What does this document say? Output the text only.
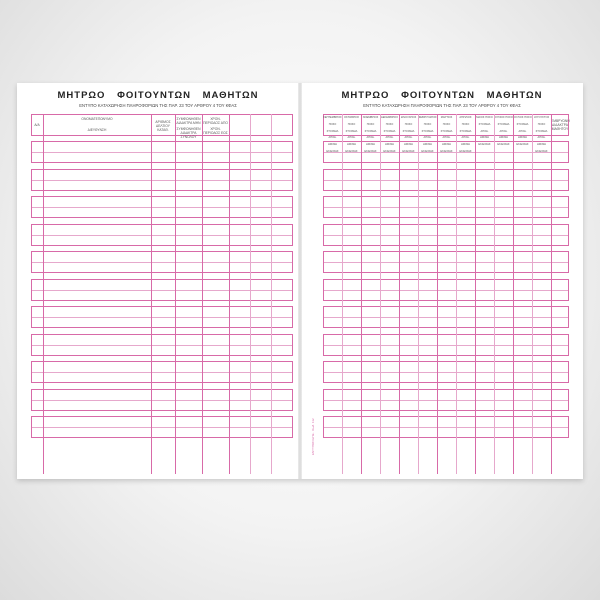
ΜΗΤΡΩΟ ΦΟΙΤΟΥΝΤΩΝ ΜΑΘΗΤΩΝ
ΕΝΤΥΠΟ ΚΑΤΑΧΩΡΗΣΗ ΠΛΗΡΟΦΟΡΙΩΝ ΤΗΣ ΠΑΡ. 23 ΤΟΥ ΑΡΘΡΟΥ 4 ΤΟΥ ΚΦΑΣ
Α/Α
ΟΝΟΜΑΤΕΠΩΝΥΜΟ
ΔΙΕΥΘΥΝΣΗ
ΑΡΙΘΜΟΣ ΔΕΛΤΙΟΥ ΚΑΤΑΘ.
ΣΥΜΦΩΝΗΘΕΝ ΔΙΔΑΚΤΡΑ ΜΗΝ
ΣΥΜΦΩΝΗΘΕΝ ΔΙΔΑΚΤΡΑ ΣΥΝΟΛΟΥ
ΧΡΟΝ. ΠΕΡΙΟΔΟΣ ΑΠΟ
ΧΡΟΝ. ΠΕΡΙΟΔΟΣ ΕΩΣ
ΜΗΤΡΩΟ ΦΟΙΤΟΥΝΤΩΝ ΜΑΘΗΤΩΝ
ΕΝΤΥΠΟ ΚΑΤΑΧΩΡΗΣΗ ΠΛΗΡΟΦΟΡΙΩΝ ΤΗΣ ΠΑΡ. 23 ΤΟΥ ΑΡΘΡΟΥ 4 ΤΟΥ ΚΦΑΣ
ΕΝΤΥΠΩΝ ΕΠΕ · Κωδ. 112
ΣΕΠΤΕΜΒΡΙΟΣ ΠΟΣΟ
ΣΤΟΙΧΕΙΑ ΑΠΟΔ.
ΗΜ/ΝΙΑ ΕΚΔΟΣΗΣ
ΟΚΤΩΒΡΙΟΣ ΠΟΣΟ
ΣΤΟΙΧΕΙΑ ΑΠΟΔ.
ΗΜ/ΝΙΑ ΕΚΔΟΣΗΣ
ΝΟΕΜΒΡΙΟΣ ΠΟΣΟ
ΣΤΟΙΧΕΙΑ ΑΠΟΔ.
ΗΜ/ΝΙΑ ΕΚΔΟΣΗΣ
ΔΕΚΕΜΒΡΙΟΣ ΠΟΣΟ
ΣΤΟΙΧΕΙΑ ΑΠΟΔ.
ΗΜ/ΝΙΑ ΕΚΔΟΣΗΣ
ΙΑΝΟΥΑΡΙΟΣ ΠΟΣΟ
ΣΤΟΙΧΕΙΑ ΑΠΟΔ.
ΗΜ/ΝΙΑ ΕΚΔΟΣΗΣ
ΦΕΒΡΟΥΑΡΙΟΣ ΠΟΣΟ
ΣΤΟΙΧΕΙΑ ΑΠΟΔ.
ΗΜ/ΝΙΑ ΕΚΔΟΣΗΣ
ΜΑΡΤΙΟΣ ΠΟΣΟ
ΣΤΟΙΧΕΙΑ ΑΠΟΔ.
ΗΜ/ΝΙΑ ΕΚΔΟΣΗΣ
ΑΠΡΙΛΙΟΣ ΠΟΣΟ
ΣΤΟΙΧΕΙΑ ΑΠΟΔ.
ΗΜ/ΝΙΑ ΕΚΔΟΣΗΣ
ΜΑΙΟΣ ΠΟΣΟ
ΣΤΟΙΧΕΙΑ ΑΠΟΔ.
ΗΜ/ΝΙΑ ΕΚΔΟΣΗΣ
ΙΟΥΝΙΟΣ ΠΟΣΟ
ΣΤΟΙΧΕΙΑ ΑΠΟΔ.
ΗΜ/ΝΙΑ ΕΚΔΟΣΗΣ
ΙΟΥΛΙΟΣ ΠΟΣΟ
ΣΤΟΙΧΕΙΑ ΑΠΟΔ.
ΗΜ/ΝΙΑ ΕΚΔΟΣΗΣ
ΑΥΓΟΥΣΤΟΣ ΠΟΣΟ
ΣΤΟΙΧΕΙΑ ΑΠΟΔ.
ΗΜ/ΝΙΑ ΕΚΔΟΣΗΣ
ΕΜΒΡΥΩΝΗ ΔΙΔΑΚΤΡΑ ΜΑΘΗΤΟΥ
